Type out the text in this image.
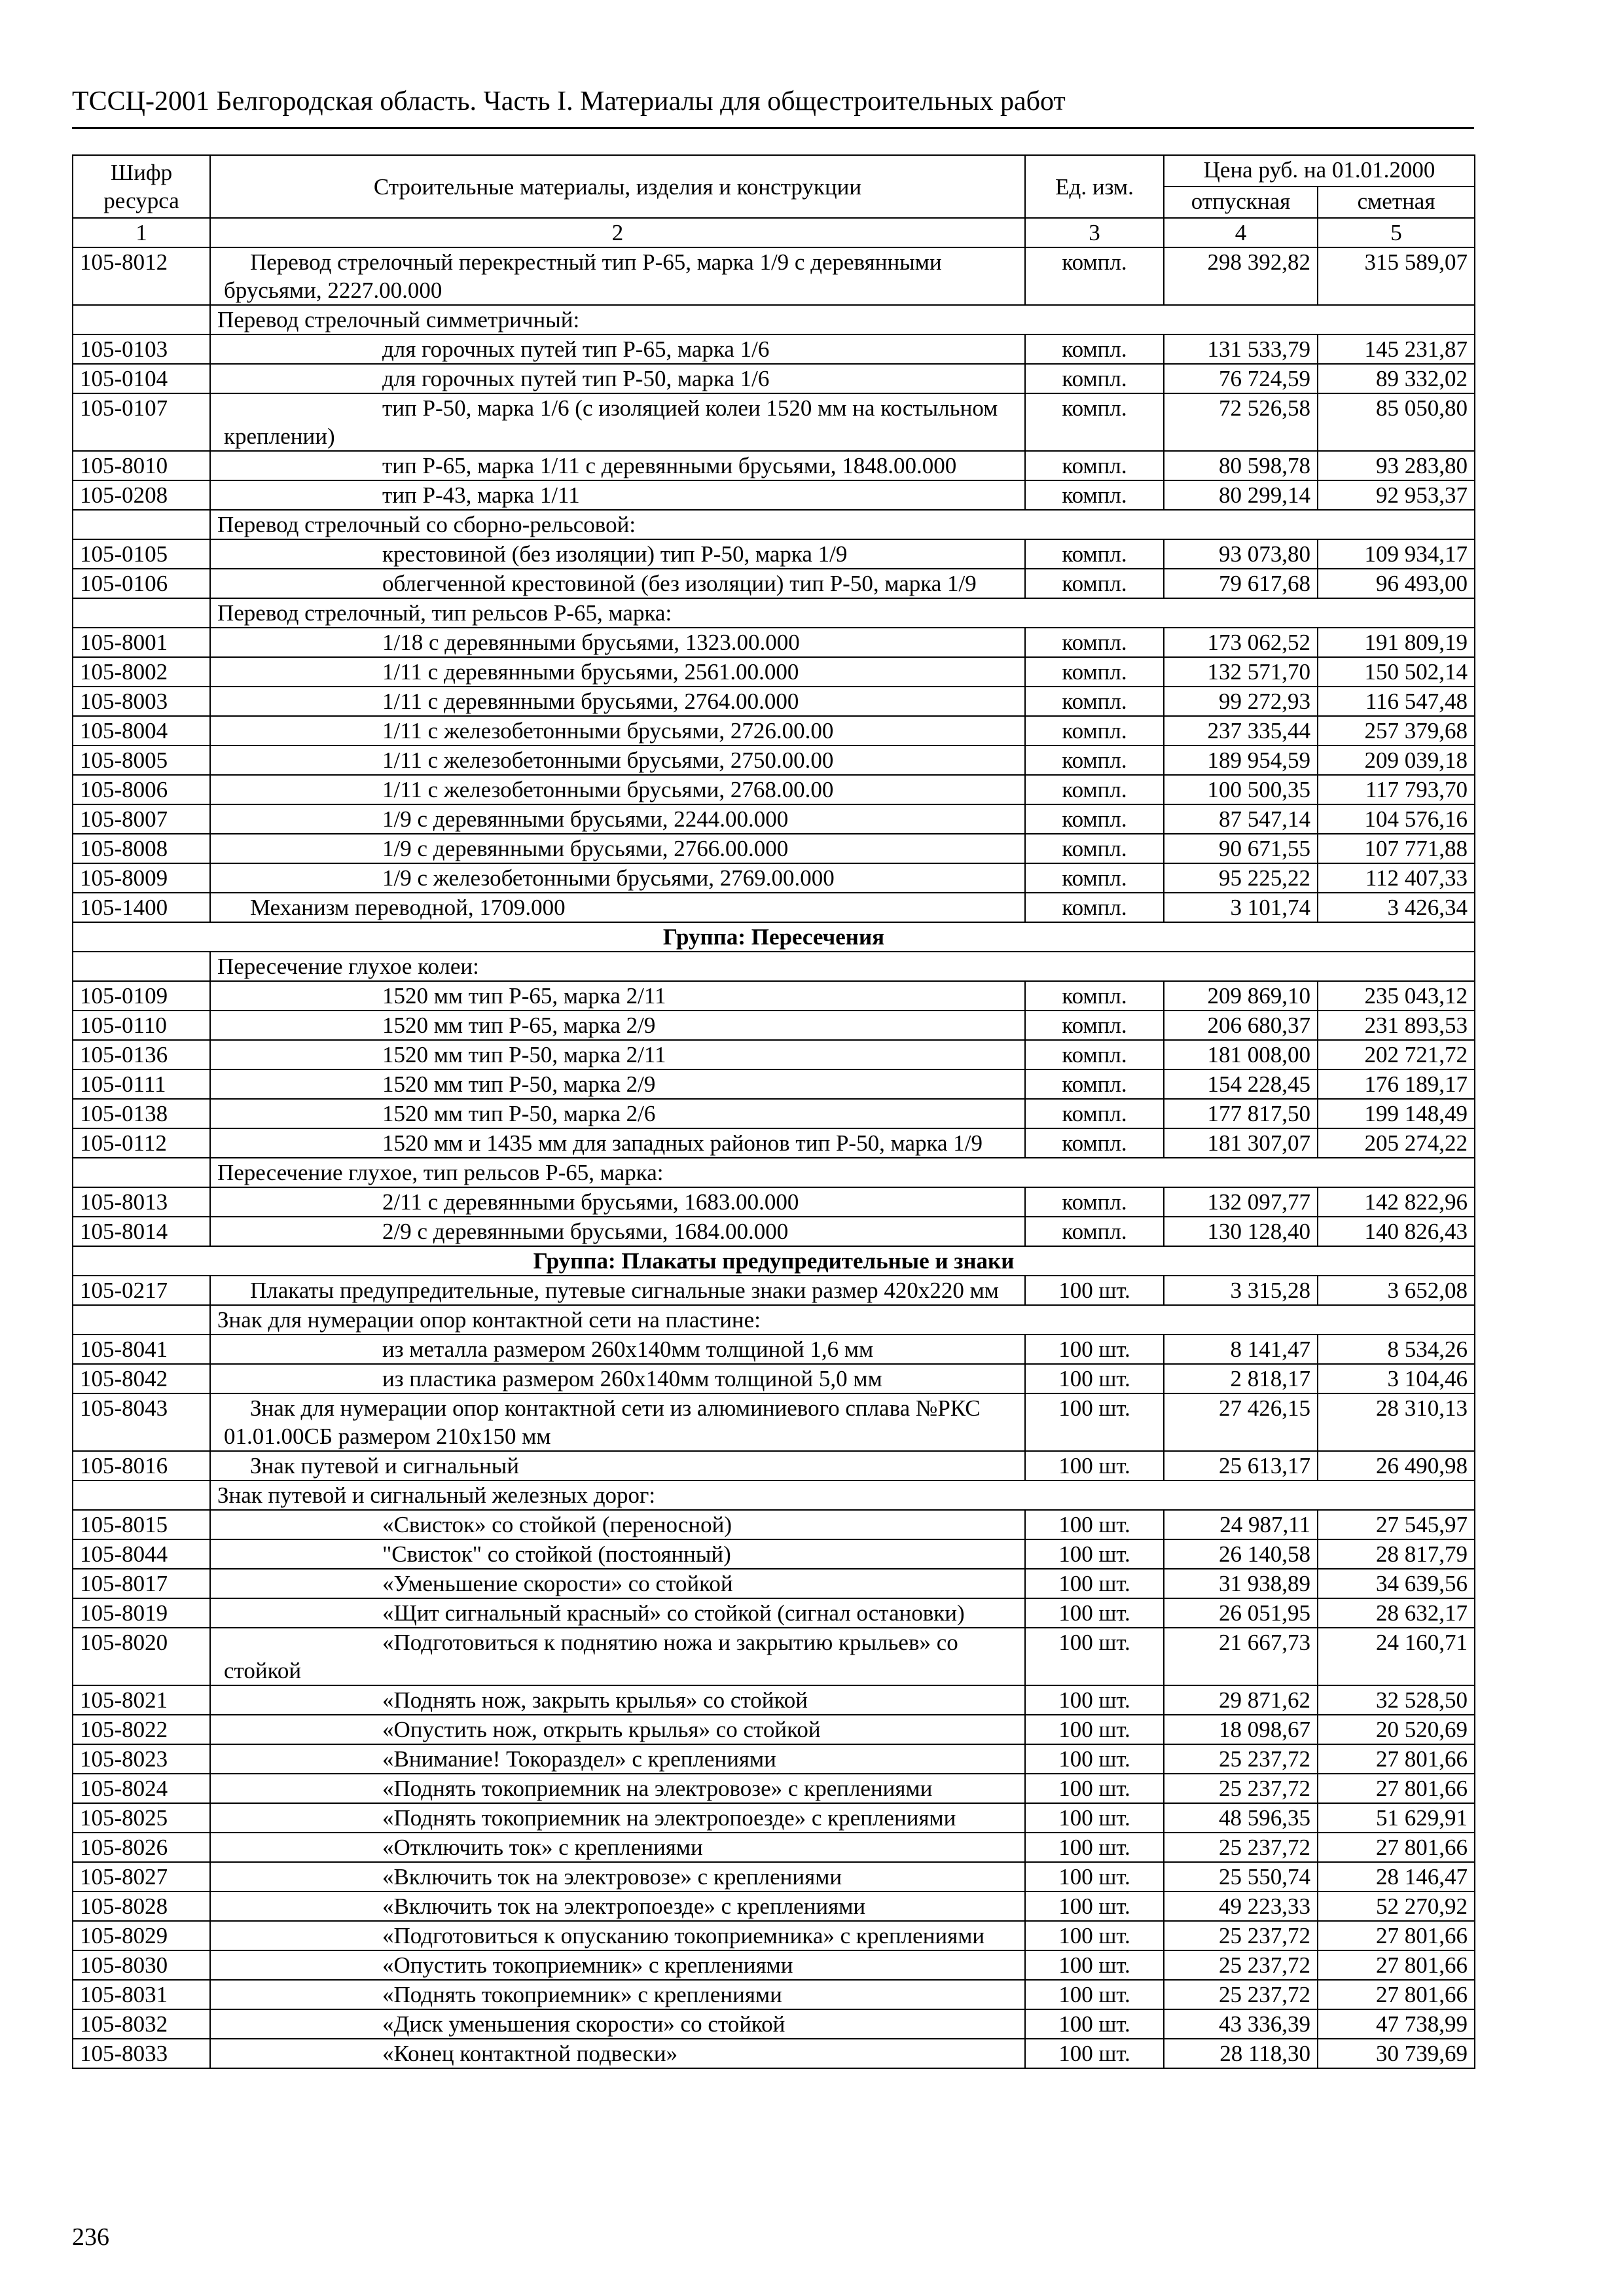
ТССЦ-2001 Белгородская область. Часть I. Материалы для общестроительных работ
Шифр ресурса	Строительные материалы, изделия и конструкции	Ед. изм.	Цена руб. на 01.01.2000	
			отпускная	сметная
1	2	3	4	5
105-8012	Перевод стрелочный перекрестный тип Р-65, марка 1/9 с деревянными брусьями, 2227.00.000	компл.	298 392,82	315 589,07
	Перевод стрелочный симметричный:			
105-0103	для горочных путей тип Р-65, марка 1/6	компл.	131 533,79	145 231,87
105-0104	для горочных путей тип Р-50, марка 1/6	компл.	76 724,59	89 332,02
105-0107	тип Р-50, марка 1/6 (с изоляцией колеи 1520 мм на костыльном креплении)	компл.	72 526,58	85 050,80
105-8010	тип Р-65, марка 1/11 с деревянными брусьями, 1848.00.000	компл.	80 598,78	93 283,80
105-0208	тип Р-43, марка 1/11	компл.	80 299,14	92 953,37
	Перевод стрелочный со сборно-рельсовой:			
105-0105	крестовиной (без изоляции) тип Р-50, марка 1/9	компл.	93 073,80	109 934,17
105-0106	облегченной крестовиной (без изоляции) тип Р-50, марка 1/9	компл.	79 617,68	96 493,00
	Перевод стрелочный, тип рельсов Р-65, марка:			
105-8001	1/18 с деревянными брусьями, 1323.00.000	компл.	173 062,52	191 809,19
105-8002	1/11 с деревянными брусьями, 2561.00.000	компл.	132 571,70	150 502,14
105-8003	1/11 с деревянными брусьями, 2764.00.000	компл.	99 272,93	116 547,48
105-8004	1/11 с железобетонными брусьями, 2726.00.00	компл.	237 335,44	257 379,68
105-8005	1/11 с железобетонными брусьями, 2750.00.00	компл.	189 954,59	209 039,18
105-8006	1/11 с железобетонными брусьями, 2768.00.00	компл.	100 500,35	117 793,70
105-8007	1/9 с деревянными брусьями, 2244.00.000	компл.	87 547,14	104 576,16
105-8008	1/9 с деревянными брусьями, 2766.00.000	компл.	90 671,55	107 771,88
105-8009	1/9 с железобетонными брусьями, 2769.00.000	компл.	95 225,22	112 407,33
105-1400	Механизм переводной, 1709.000	компл.	3 101,74	3 426,34
Группа: Пересечения				
	Пересечение глухое колеи:			
105-0109	1520 мм тип Р-65, марка 2/11	компл.	209 869,10	235 043,12
105-0110	1520 мм тип Р-65, марка 2/9	компл.	206 680,37	231 893,53
105-0136	1520 мм тип Р-50, марка 2/11	компл.	181 008,00	202 721,72
105-0111	1520 мм тип Р-50, марка 2/9	компл.	154 228,45	176 189,17
105-0138	1520 мм тип Р-50, марка 2/6	компл.	177 817,50	199 148,49
105-0112	1520 мм и 1435 мм для западных районов тип Р-50, марка 1/9	компл.	181 307,07	205 274,22
	Пересечение глухое, тип рельсов Р-65, марка:			
105-8013	2/11 с деревянными брусьями, 1683.00.000	компл.	132 097,77	142 822,96
105-8014	2/9 с деревянными брусьями, 1684.00.000	компл.	130 128,40	140 826,43
Группа: Плакаты предупредительные и знаки				
105-0217	Плакаты предупредительные, путевые сигнальные знаки размер 420x220 мм	100 шт.	3 315,28	3 652,08
	Знак для нумерации опор контактной сети на пластине:			
105-8041	из металла размером 260x140мм толщиной 1,6 мм	100 шт.	8 141,47	8 534,26
105-8042	из пластика размером 260x140мм толщиной 5,0 мм	100 шт.	2 818,17	3 104,46
105-8043	Знак для нумерации опор контактной сети из алюминиевого сплава №РКС 01.01.00СБ размером 210x150 мм	100 шт.	27 426,15	28 310,13
105-8016	Знак путевой и сигнальный	100 шт.	25 613,17	26 490,98
	Знак путевой и сигнальный железных дорог:			
105-8015	«Свисток» со стойкой (переносной)	100 шт.	24 987,11	27 545,97
105-8044	"Свисток" со стойкой (постоянный)	100 шт.	26 140,58	28 817,79
105-8017	«Уменьшение скорости» со стойкой	100 шт.	31 938,89	34 639,56
105-8019	«Щит сигнальный красный» со стойкой (сигнал остановки)	100 шт.	26 051,95	28 632,17
105-8020	«Подготовиться к поднятию ножа и закрытию крыльев» со стойкой	100 шт.	21 667,73	24 160,71
105-8021	«Поднять нож, закрыть крылья» со стойкой	100 шт.	29 871,62	32 528,50
105-8022	«Опустить нож, открыть крылья» со стойкой	100 шт.	18 098,67	20 520,69
105-8023	«Внимание! Токораздел» с креплениями	100 шт.	25 237,72	27 801,66
105-8024	«Поднять токоприемник на электровозе» с креплениями	100 шт.	25 237,72	27 801,66
105-8025	«Поднять токоприемник на электропоезде» с креплениями	100 шт.	48 596,35	51 629,91
105-8026	«Отключить ток» с креплениями	100 шт.	25 237,72	27 801,66
105-8027	«Включить ток на электровозе» с креплениями	100 шт.	25 550,74	28 146,47
105-8028	«Включить ток на электропоезде» с креплениями	100 шт.	49 223,33	52 270,92
105-8029	«Подготовиться к опусканию токоприемника» с креплениями	100 шт.	25 237,72	27 801,66
105-8030	«Опустить токоприемник» с креплениями	100 шт.	25 237,72	27 801,66
105-8031	«Поднять токоприемник» с креплениями	100 шт.	25 237,72	27 801,66
105-8032	«Диск уменьшения скорости» со стойкой	100 шт.	43 336,39	47 738,99
105-8033	«Конец контактной подвески»	100 шт.	28 118,30	30 739,69
236
